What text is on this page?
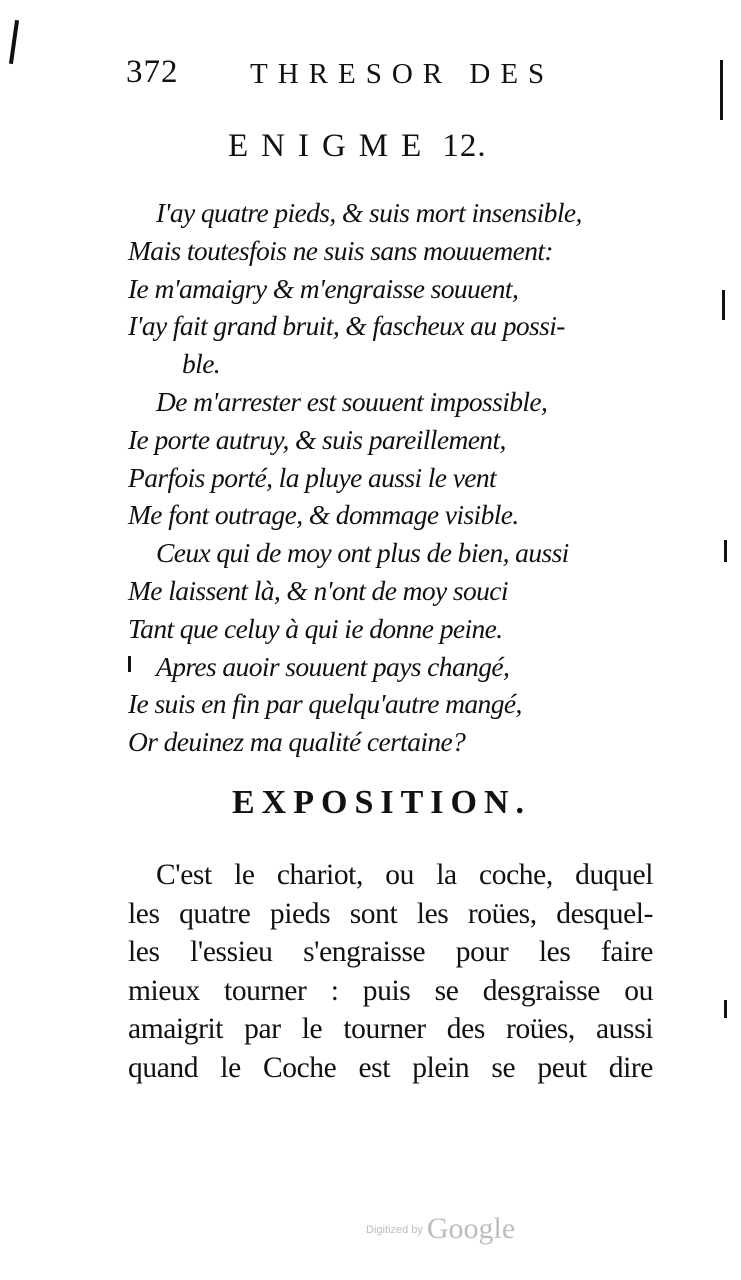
372 THRESOR DES
ENIGME 12.
I'ay quatre pieds, & suis mort insensible,
Mais toutesfois ne suis sans mouuement:
Ie m'amaigry & m'engraisse souuent,
I'ay fait grand bruit, & fascheux au possi-
ble.
De m'arrester est souuent impossible,
Ie porte autruy, & suis pareillement,
Parfois porté, la pluye aussi le vent
Me font outrage, & dommage visible.
Ceux qui de moy ont plus de bien, aussi
Me laissent là, & n'ont de moy souci
Tant que celuy à qui ie donne peine.
Apres auoir souuent pays changé,
Ie suis en fin par quelqu'autre mangé,
Or deuinez ma qualité certaine?
EXPOSITION.
C'est le chariot, ou la coche, duquel
les quatre pieds sont les roües, desquel-
les l'essieu s'engraisse pour les faire
mieux tourner : puis se desgraisse ou
amaigrit par le tourner des roües, aussi
quand le Coche est plein se peut dire
$^{Digitized by}$ Google
